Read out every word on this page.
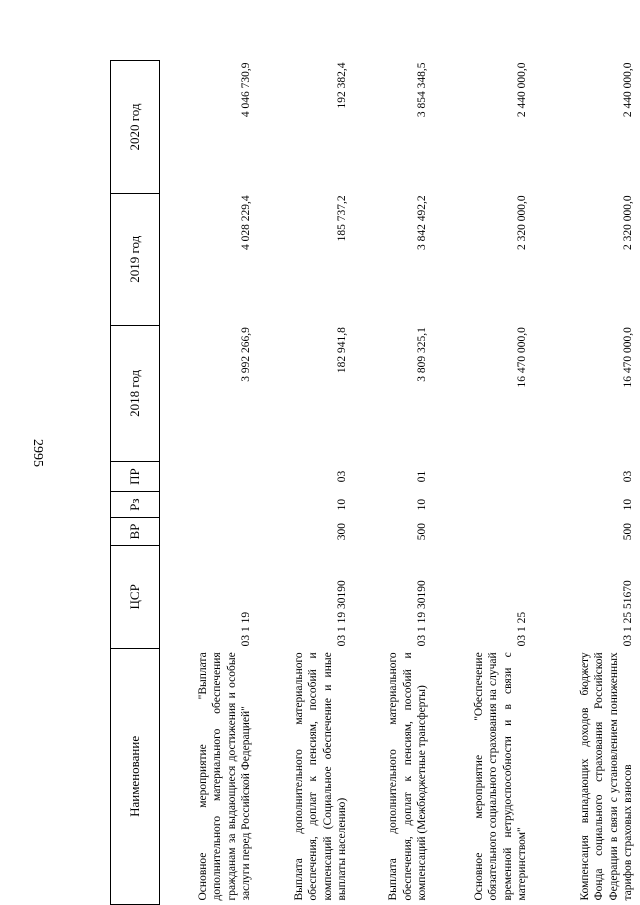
2995
Наименование	ЦСР	ВР	Рз	ПР	2018 год	2019 год	2020 год
Основное мероприятие "Выплата дополнительного материального обеспечения гражданам за выдающиеся достижения и особые заслуги перед Российской Федерацией"	03 1 19				3 992 266,9	4 028 229,4	4 046 730,9
Выплата дополнительного материального обеспечения, доплат к пенсиям, пособий и компенсаций (Социальное обеспечение и иные выплаты населению)	03 1 19 30190	300	10	03	182 941,8	185 737,2	192 382,4
Выплата дополнительного материального обеспечения, доплат к пенсиям, пособий и компенсаций (Межбюджетные трансферты)	03 1 19 30190	500	10	01	3 809 325,1	3 842 492,2	3 854 348,5
Основное мероприятие "Обеспечение обязательного социального страхования на случай временной нетрудоспособности и в связи с материнством"	03 1 25				16 470 000,0	2 320 000,0	2 440 000,0
Компенсация выпадающих доходов бюджету Фонда социального страхования Российской Федерации в связи с установлением пониженных тарифов страховых взносов	03 1 25 51670	500	10	03	16 470 000,0	2 320 000,0	2 440 000,0
